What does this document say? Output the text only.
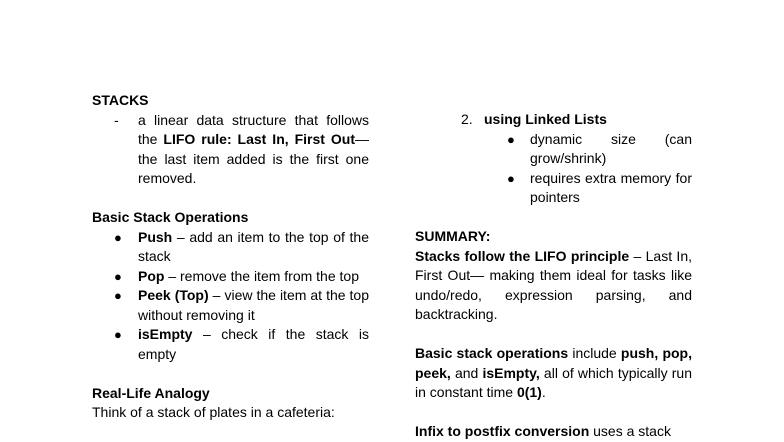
STACKS
-	a linear data structure that follows the LIFO rule: Last In, First Out— the last item added is the first one removed.
Basic Stack Operations
●	Push – add an item to the top of the stack
●	Pop – remove the item from the top
●	Peek (Top) – view the item at the top without removing it
●	isEmpty – check if the stack is empty
Real-Life Analogy
Think of a stack of plates in a cafeteria:
2. using Linked Lists
●	dynamic size (can grow/shrink)
●	requires extra memory for pointers
SUMMARY:
Stacks follow the LIFO principle – Last In, First Out— making them ideal for tasks like undo/redo, expression parsing, and backtracking.
Basic stack operations include push, pop, peek, and isEmpty, all of which typically run in constant time 0(1).
Infix to postfix conversion uses a stack
